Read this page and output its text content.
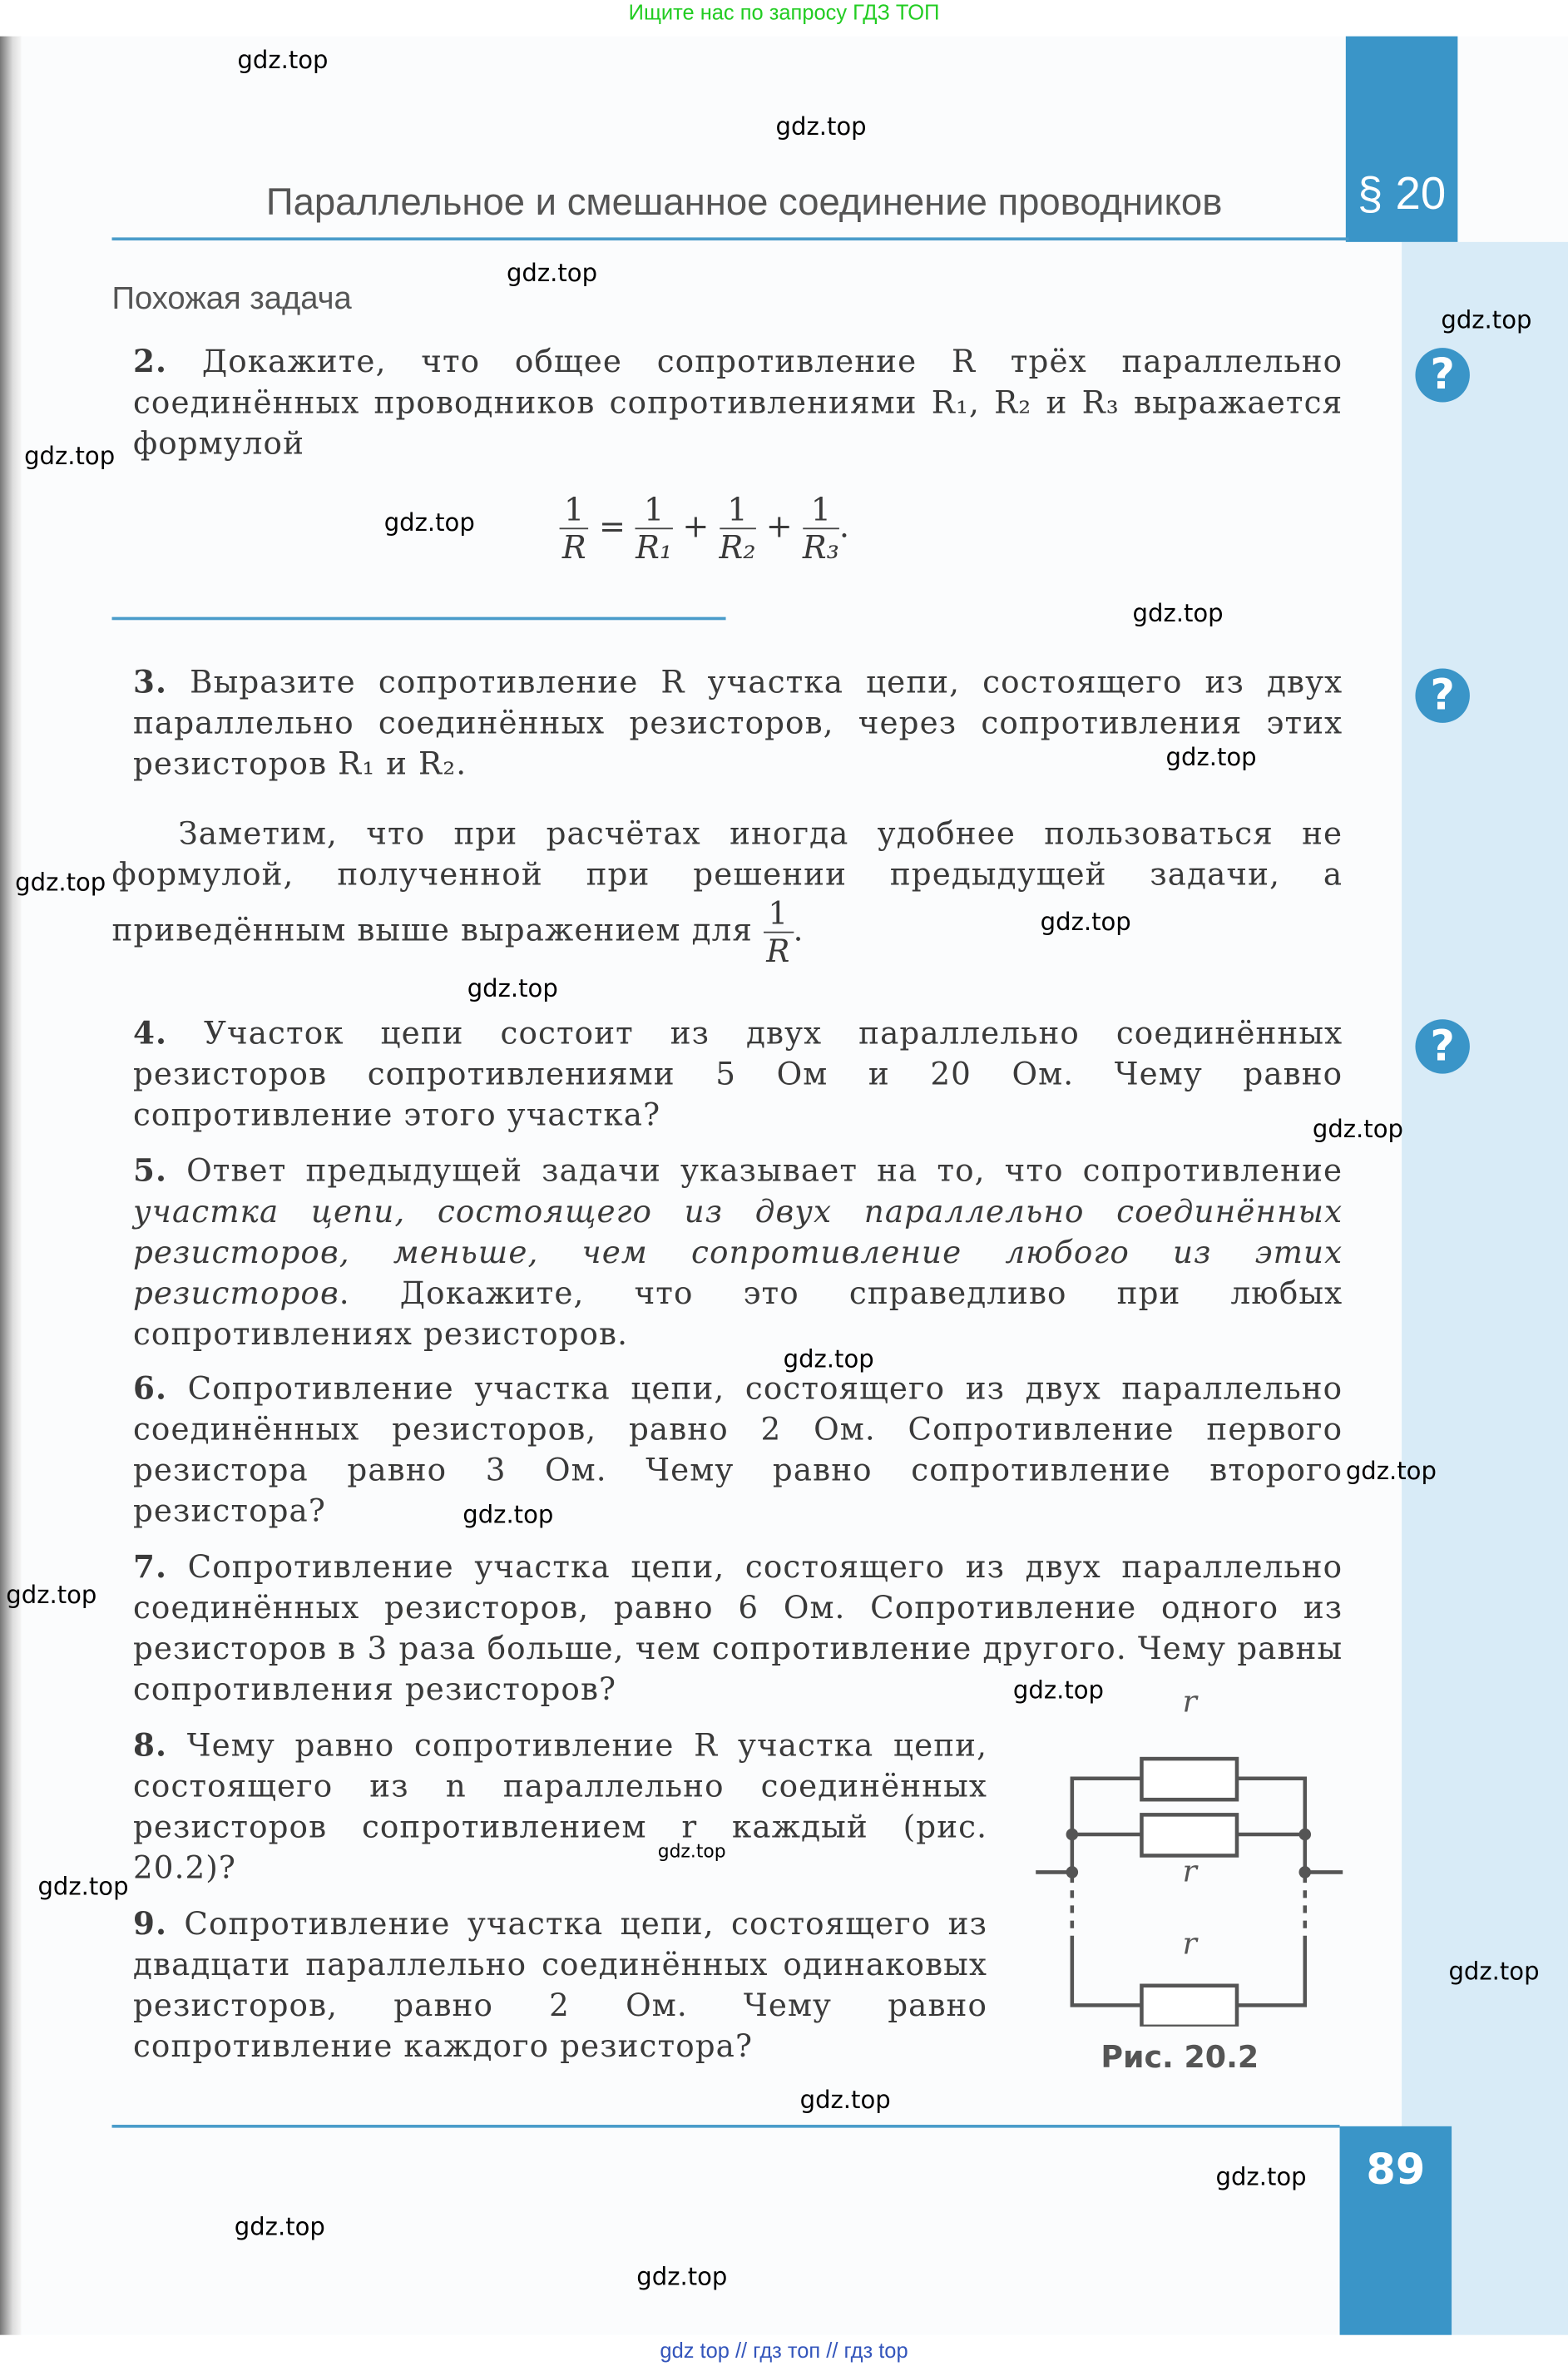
Ищите нас по запросу ГДЗ ТОП
§ 20
Параллельное и смешанное соединение проводников
Похожая задача
2. Докажите, что общее сопротивление R трёх параллельно соединённых проводников сопротивлениями R₁, R₂ и R₃ выражается формулой
$\frac{1}{R} = \frac{1}{\text{R₁}} + \frac{1}{\text{R₂}} + \frac{1}{\text{R₃}}$ .
3. Выразите сопротивление R участка цепи, состоящего из двух параллельно соединённых резисторов, через сопротивления этих резисторов R₁ и R₂.
Заметим, что при расчётах иногда удобнее пользоваться не формулой, полученной при решении предыдущей задачи, а приведённым выше выражением для $\frac{1}{R}$ .
4. Участок цепи состоит из двух параллельно соединённых резисторов сопротивлениями 5 Ом и 20 Ом. Чему равно сопротивление этого участка?
5. Ответ предыдущей задачи указывает на то, что сопротивление участка цепи, состоящего из двух параллельно соединённых резисторов, меньше, чем сопротивление любого из этих резисторов. Докажите, что это справедливо при любых сопротивлениях резисторов.
6. Сопротивление участка цепи, состоящего из двух параллельно соединённых резисторов, равно 2 Ом. Сопротивление первого резистора равно 3 Ом. Чему равно сопротивление второго резистора?
7. Сопротивление участка цепи, состоящего из двух параллельно соединённых резисторов, равно 6 Ом. Сопротивление одного из резисторов в 3 раза больше, чем сопротивление другого. Чему равны сопротивления резисторов?
8. Чему равно сопротивление R участка цепи, состоящего из n параллельно соединённых резисторов сопротивлением r каждый (рис. 20.2)?
9. Сопротивление участка цепи, состоящего из двадцати параллельно соединённых одинаковых резисторов, равно 2 Ом. Чему равно сопротивление каждого резистора?
?
?
?
r
r
r
Рис. 20.2
89
gdz.top
gdz.top
gdz.top
gdz.top
gdz.top
gdz.top
gdz.top
gdz.top
gdz.top
gdz.top
gdz.top
gdz.top
gdz.top
gdz.top
gdz.top
gdz.top
gdz.top
gdz.top
gdz.top
gdz.top
gdz.top
gdz.top
gdz.top
gdz.top
gdz top // гдз топ // гдз top
